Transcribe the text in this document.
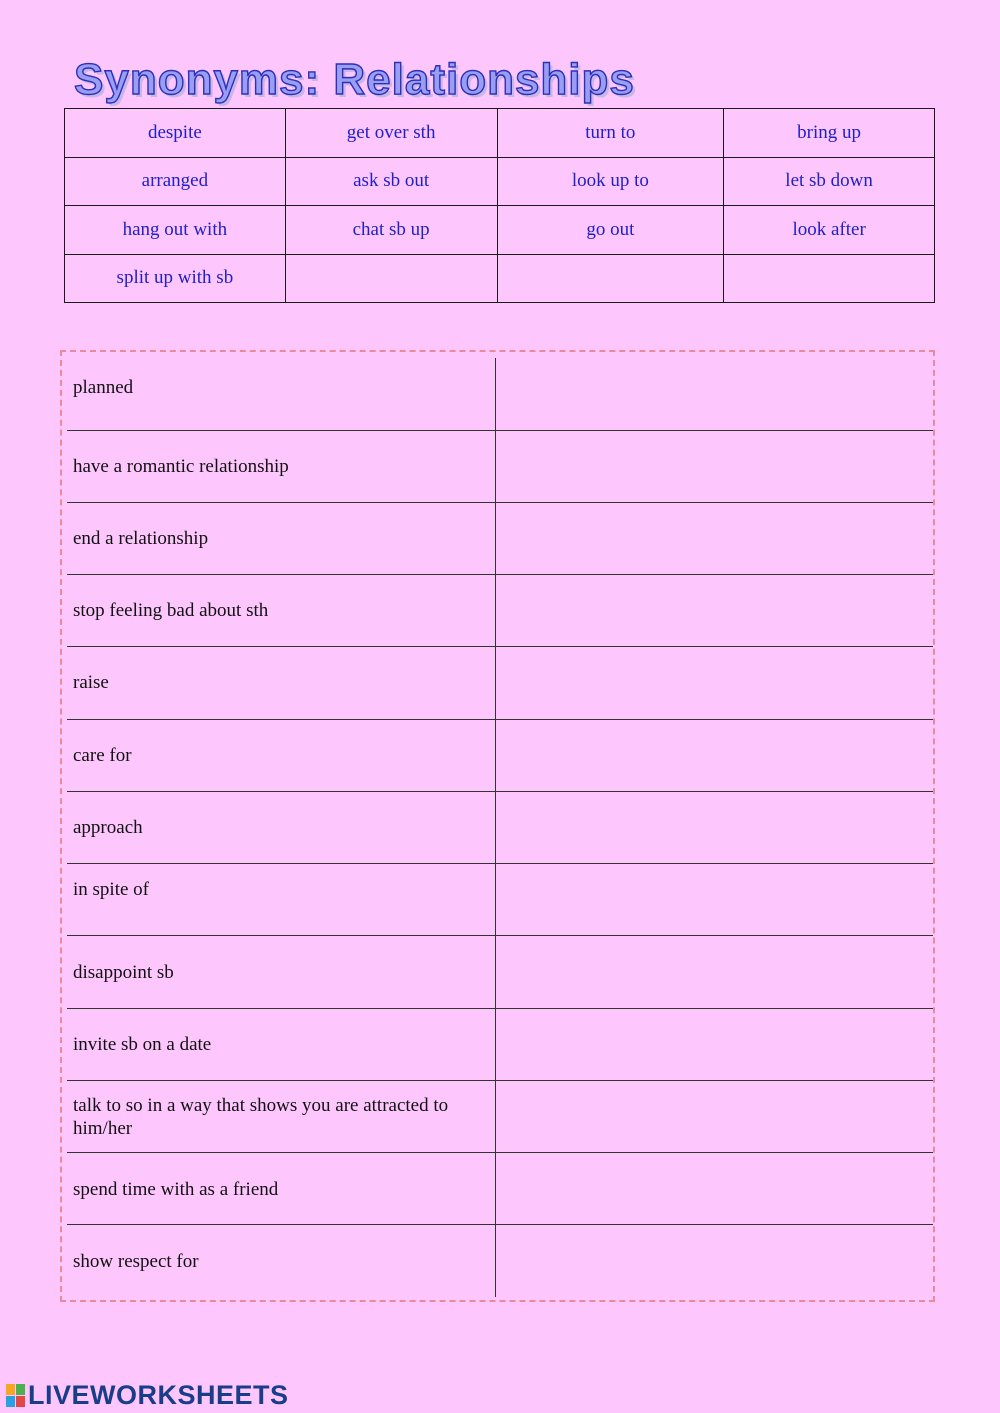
Synonyms: Relationships
despite	get over sth	turn to	bring up
arranged	ask sb out	look up to	let sb down
hang out with	chat sb up	go out	look after
split up with sb			
planned
have a romantic relationship
end a relationship
stop feeling bad about sth
raise
care for
approach
in spite of
disappoint sb
invite sb on a date
talk to so in a way that shows you are attracted to him/her
spend time with as a friend
show respect for
LIVEWORKSHEETS
